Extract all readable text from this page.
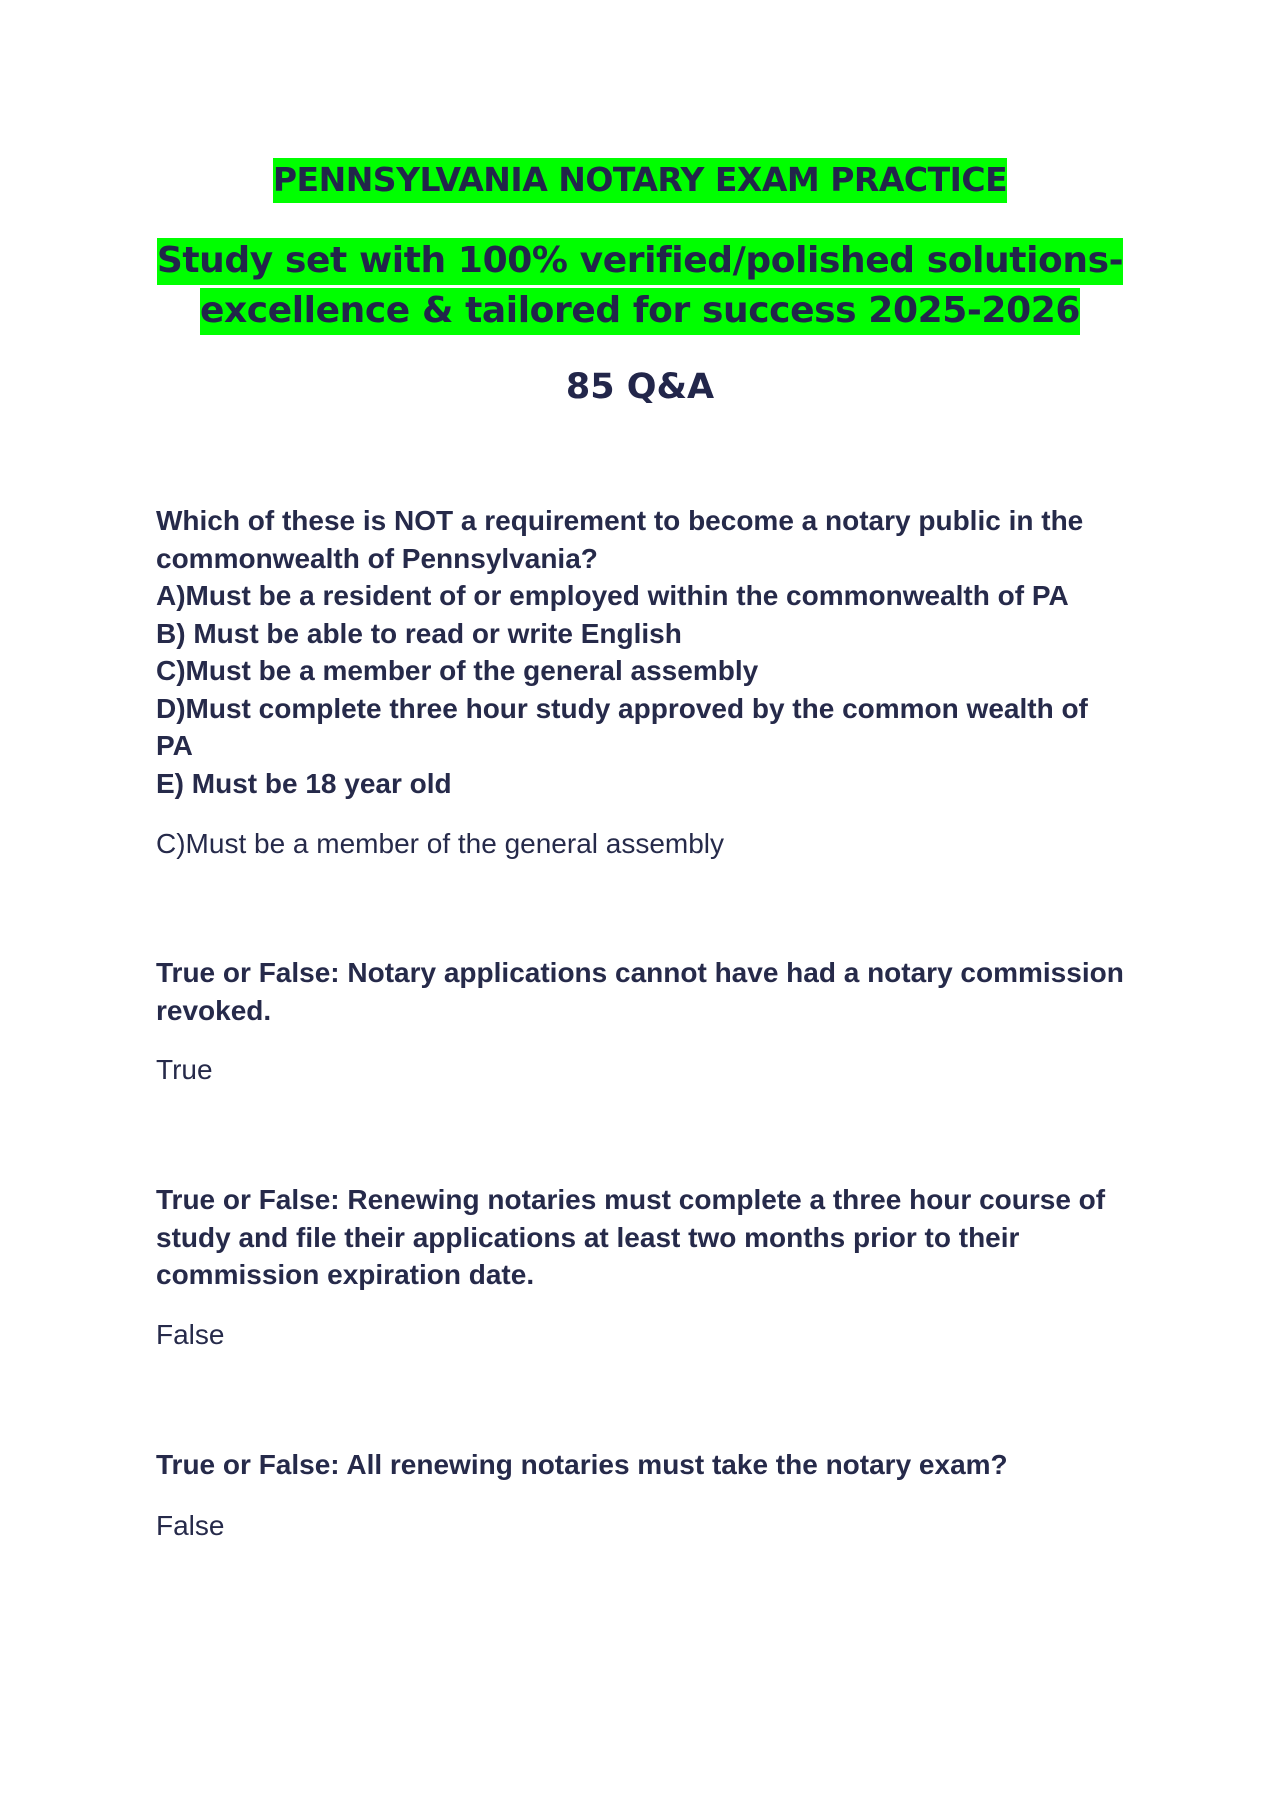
PENNSYLVANIA NOTARY EXAM PRACTICE
Study set with 100% verified/polished solutions-
excellence & tailored for success 2025-2026
85 Q&A
Which of these is NOT a requirement to become a notary public in the
commonwealth of Pennsylvania?
A)Must be a resident of or employed within the commonwealth of PA
B) Must be able to read or write English
C)Must be a member of the general assembly
D)Must complete three hour study approved by the common wealth of
PA
E) Must be 18 year old
C)Must be a member of the general assembly
True or False: Notary applications cannot have had a notary commission
revoked.
True
True or False: Renewing notaries must complete a three hour course of
study and file their applications at least two months prior to their
commission expiration date.
False
True or False: All renewing notaries must take the notary exam?
False
